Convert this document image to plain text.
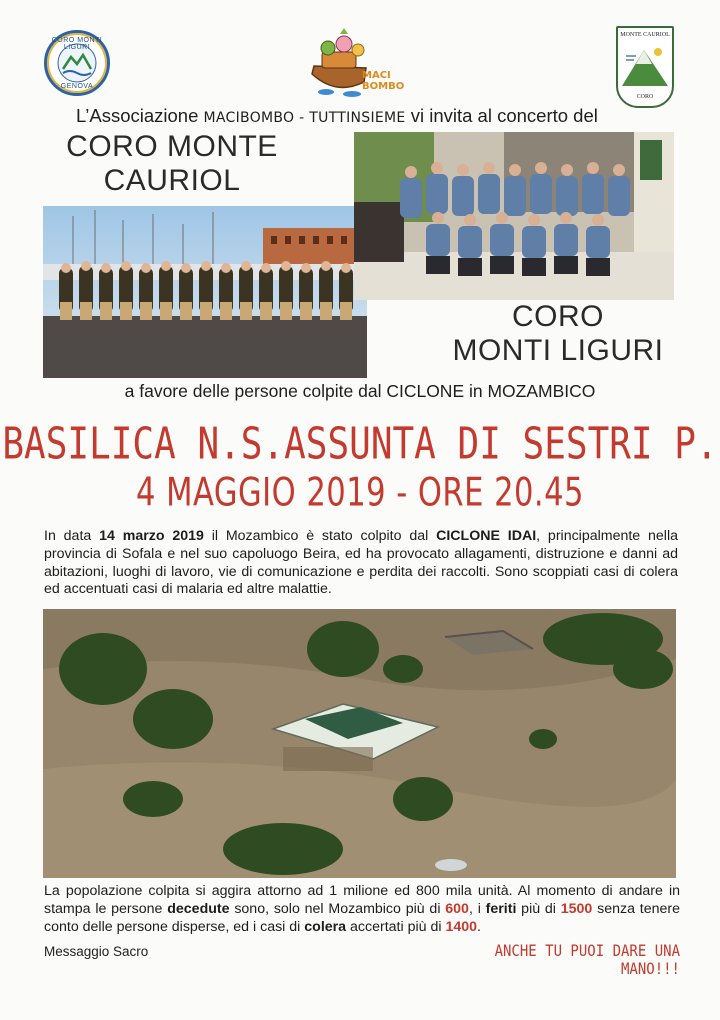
CORO MONTI LIGURI
GENOVA
MACI BOMBO
MONTE CAURIOL
CORO
L’Associazione MACIBOMBO - TUTTINSIEME vi invita al concerto del
CORO MONTE
CAURIOL
CORO
MONTI LIGURI
a favore delle persone colpite dal CICLONE in MOZAMBICO
BASILICA N.S.ASSUNTA DI SESTRI P.
4 MAGGIO 2019 - ORE 20.45
In data 14 marzo 2019 il Mozambico è stato colpito dal CICLONE IDAI, principalmente nella provincia di Sofala e nel suo capoluogo Beira, ed ha provocato allagamenti, distruzione e danni ad abitazioni, luoghi di lavoro, vie di comunicazione e perdita dei raccolti. Sono scoppiati casi di colera ed accentuati casi di malaria ed altre malattie.
La popolazione colpita si aggira attorno ad 1 milione ed 800 mila unità. Al momento di andare in stampa le persone decedute sono, solo nel Mozambico più di 600, i feriti più di 1500 senza tenere conto delle persone disperse, ed i casi di colera accertati più di 1400.
Messaggio Sacro	ANCHE TU PUOI DARE UNA MANO!!!
